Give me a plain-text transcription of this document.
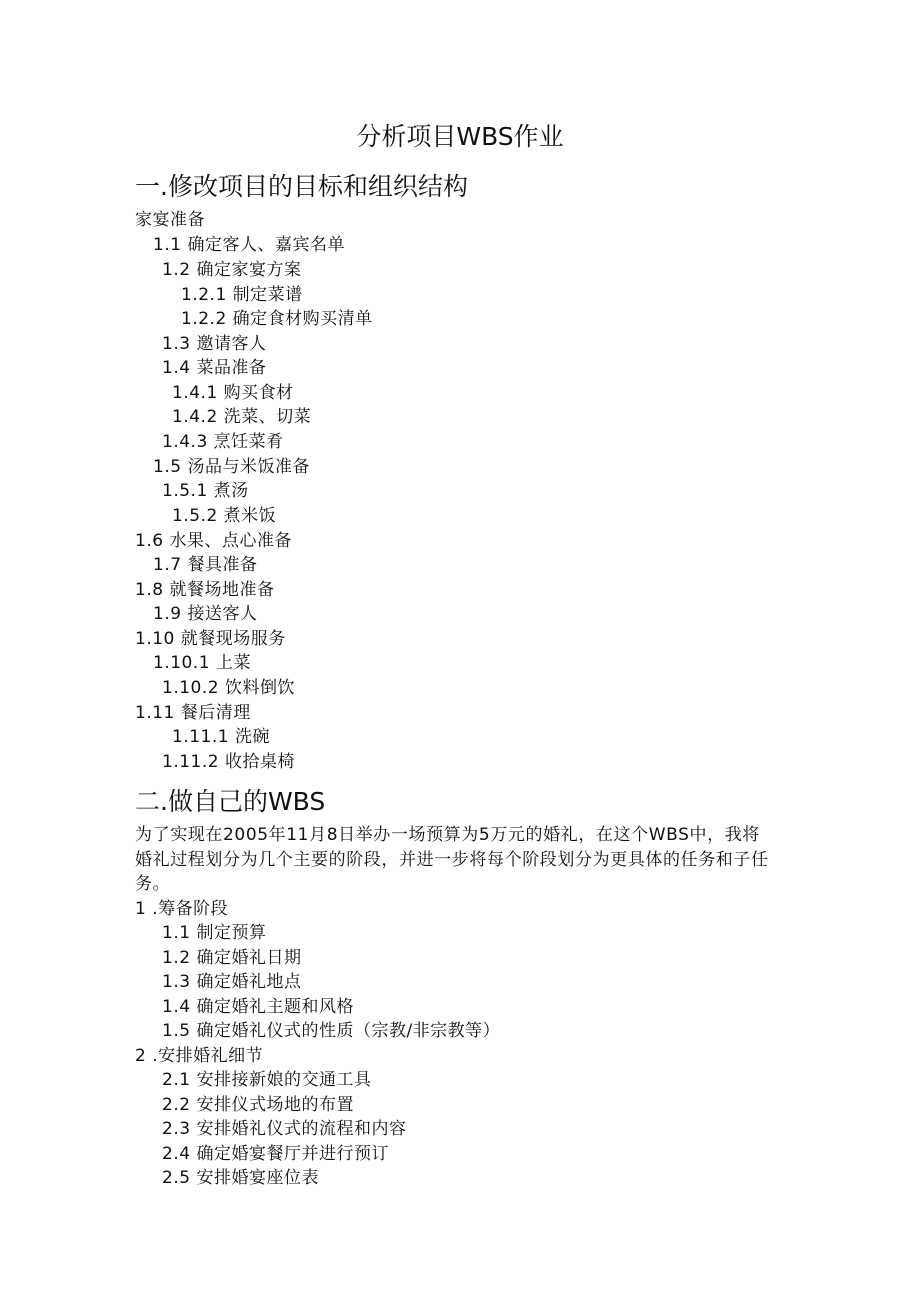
分析项目WBS作业
一.修改项目的目标和组织结构
家宴准备
1.1 确定客人、嘉宾名单
1.2 确定家宴方案
1.2.1 制定菜谱
1.2.2 确定食材购买清单
1.3 邀请客人
1.4 菜品准备
1.4.1 购买食材
1.4.2 洗菜、切菜
1.4.3 烹饪菜肴
1.5 汤品与米饭准备
1.5.1 煮汤
1.5.2 煮米饭
1.6 水果、点心准备
1.7 餐具准备
1.8 就餐场地准备
1.9 接送客人
1.10 就餐现场服务
1.10.1 上菜
1.10.2 饮料倒饮
1.11 餐后清理
1.11.1 洗碗
1.11.2 收拾桌椅
二.做自己的WBS
为了实现在2005年11月8日举办一场预算为5万元的婚礼，在这个WBS中，我将婚礼过程划分为几个主要的阶段，并进一步将每个阶段划分为更具体的任务和子任务。
1 .筹备阶段
1.1 制定预算
1.2 确定婚礼日期
1.3 确定婚礼地点
1.4 确定婚礼主题和风格
1.5 确定婚礼仪式的性质（宗教/非宗教等）
2 .安排婚礼细节
2.1 安排接新娘的交通工具
2.2 安排仪式场地的布置
2.3 安排婚礼仪式的流程和内容
2.4 确定婚宴餐厅并进行预订
2.5 安排婚宴座位表
